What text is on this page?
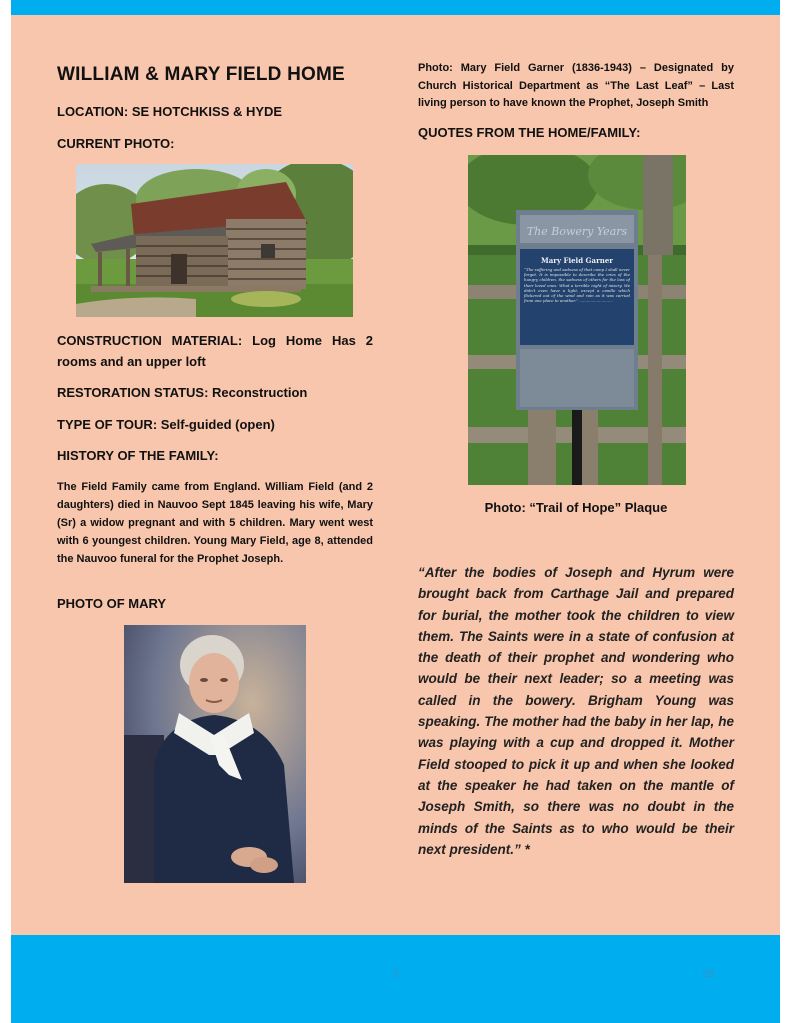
WILLIAM & MARY FIELD HOME
LOCATION: SE HOTCHKISS & HYDE
CURRENT PHOTO:
CONSTRUCTION MATERIAL: Log Home Has 2 rooms and an upper loft
RESTORATION STATUS: Reconstruction
TYPE OF TOUR: Self-guided (open)
HISTORY OF THE FAMILY:
The Field Family came from England. William Field (and 2 daughters) died in Nauvoo Sept 1845 leaving his wife, Mary (Sr) a widow pregnant and with 5 children. Mary went west with 6 youngest children. Young Mary Field, age 8, attended the Nauvoo funeral for the Prophet Joseph.
PHOTO OF MARY
Photo: Mary Field Garner (1836-1943) – Designated by Church Historical Department as “The Last Leaf” – Last living person to have known the Prophet, Joseph Smith
QUOTES FROM THE HOME/FAMILY:
The Bowery Years
Mary Field Garner
“The suffering and sadness of that camp I shall never forget. It is impossible to describe the cries of the hungry children, the sadness of others for the loss of their loved ones. What a terrible night of misery. We didn't even have a light, except a candle which flickered out of the wind and rain as it was carried from one place to another.” ...........................
Photo: “Trail of Hope” Plaque
“After the bodies of Joseph and Hyrum were brought back from Carthage Jail and prepared for burial, the mother took the children to view them. The Saints were in a state of confusion at the death of their prophet and wondering who would be their next leader; so a meeting was called in the bowery. Brigham Young was speaking. The mother had the baby in her lap, he was playing with a cup and dropped it. Mother Field stooped to pick it up and when she looked at the speaker he had taken on the mantle of Joseph Smith, so there was no doubt in the minds of the Saints as to who would be their next president.” *
3	28
